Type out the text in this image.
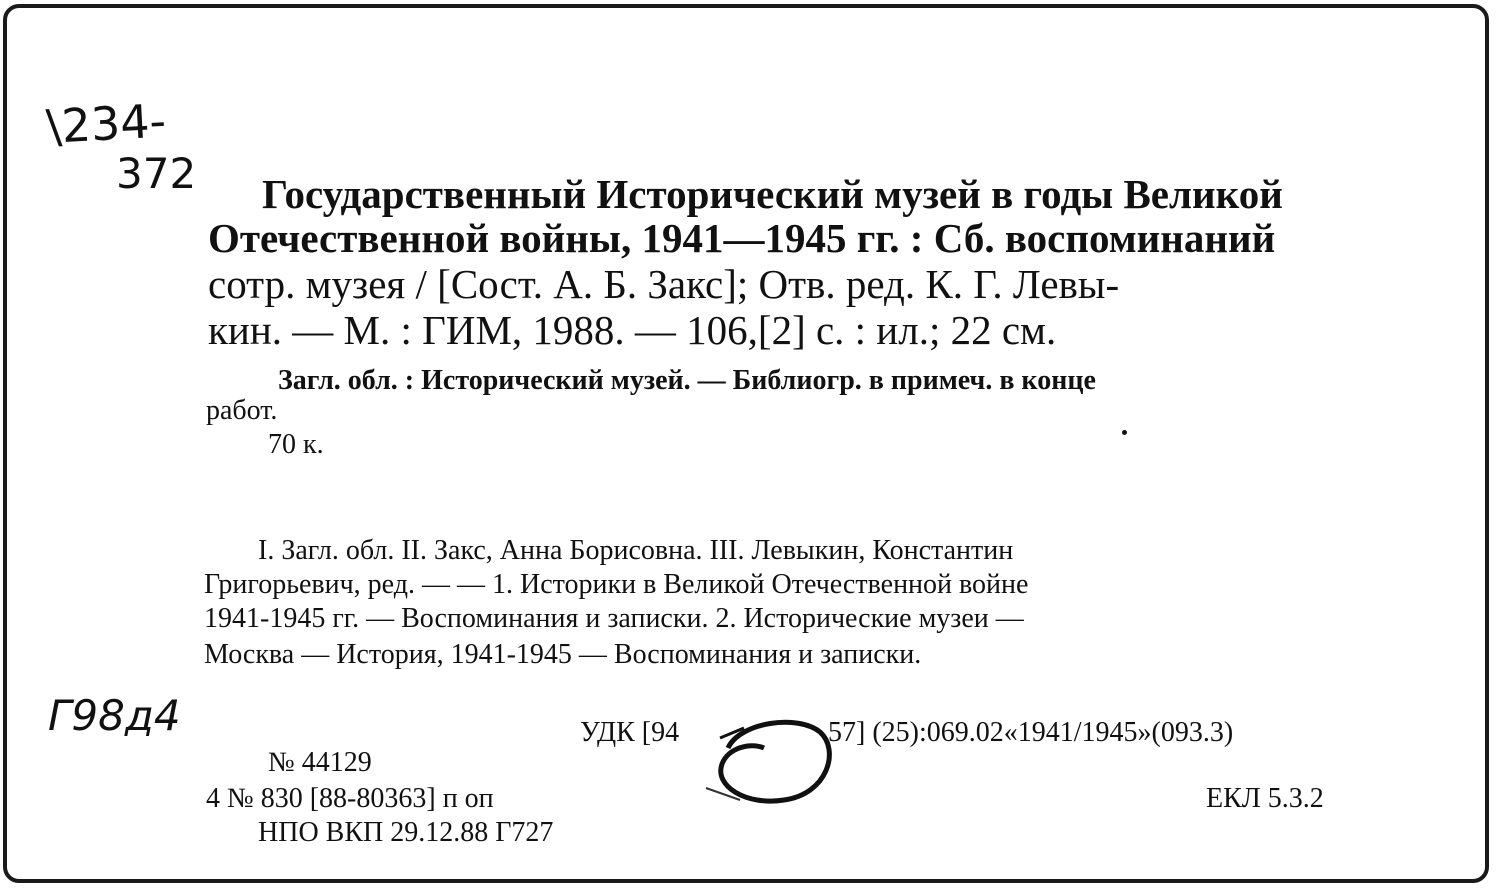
\234-
372 Государственный Исторический музей в годы Великой
Отечественной войны, 1941—1945 гг. : Сб. воспоминаний
сотр. музея / [Сост. А. Б. Закс]; Отв. ред. К. Г. Левы-
кин. — М. : ГИМ, 1988. — 106,[2] с. : ил.; 22 см.
Загл. обл. : Исторический музей. — Библиогр. в примеч. в конце
работ.
70 к.
I. Загл. обл. II. Закс, Анна Борисовна. III. Левыкин, Константин
Григорьевич, ред. — — 1. Историки в Великой Отечественной войне
1941-1945 гг. — Воспоминания и записки. 2. Исторические музеи —
Москва — История, 1941-1945 — Воспоминания и записки.
Г98д4	УДК [94	57] (25):069.02«1941/1945»(093.3)
№ 44129
4 № 830 [88-80363] п оп
НПО ВКП 29.12.88 Г727
ЕКЛ 5.3.2
